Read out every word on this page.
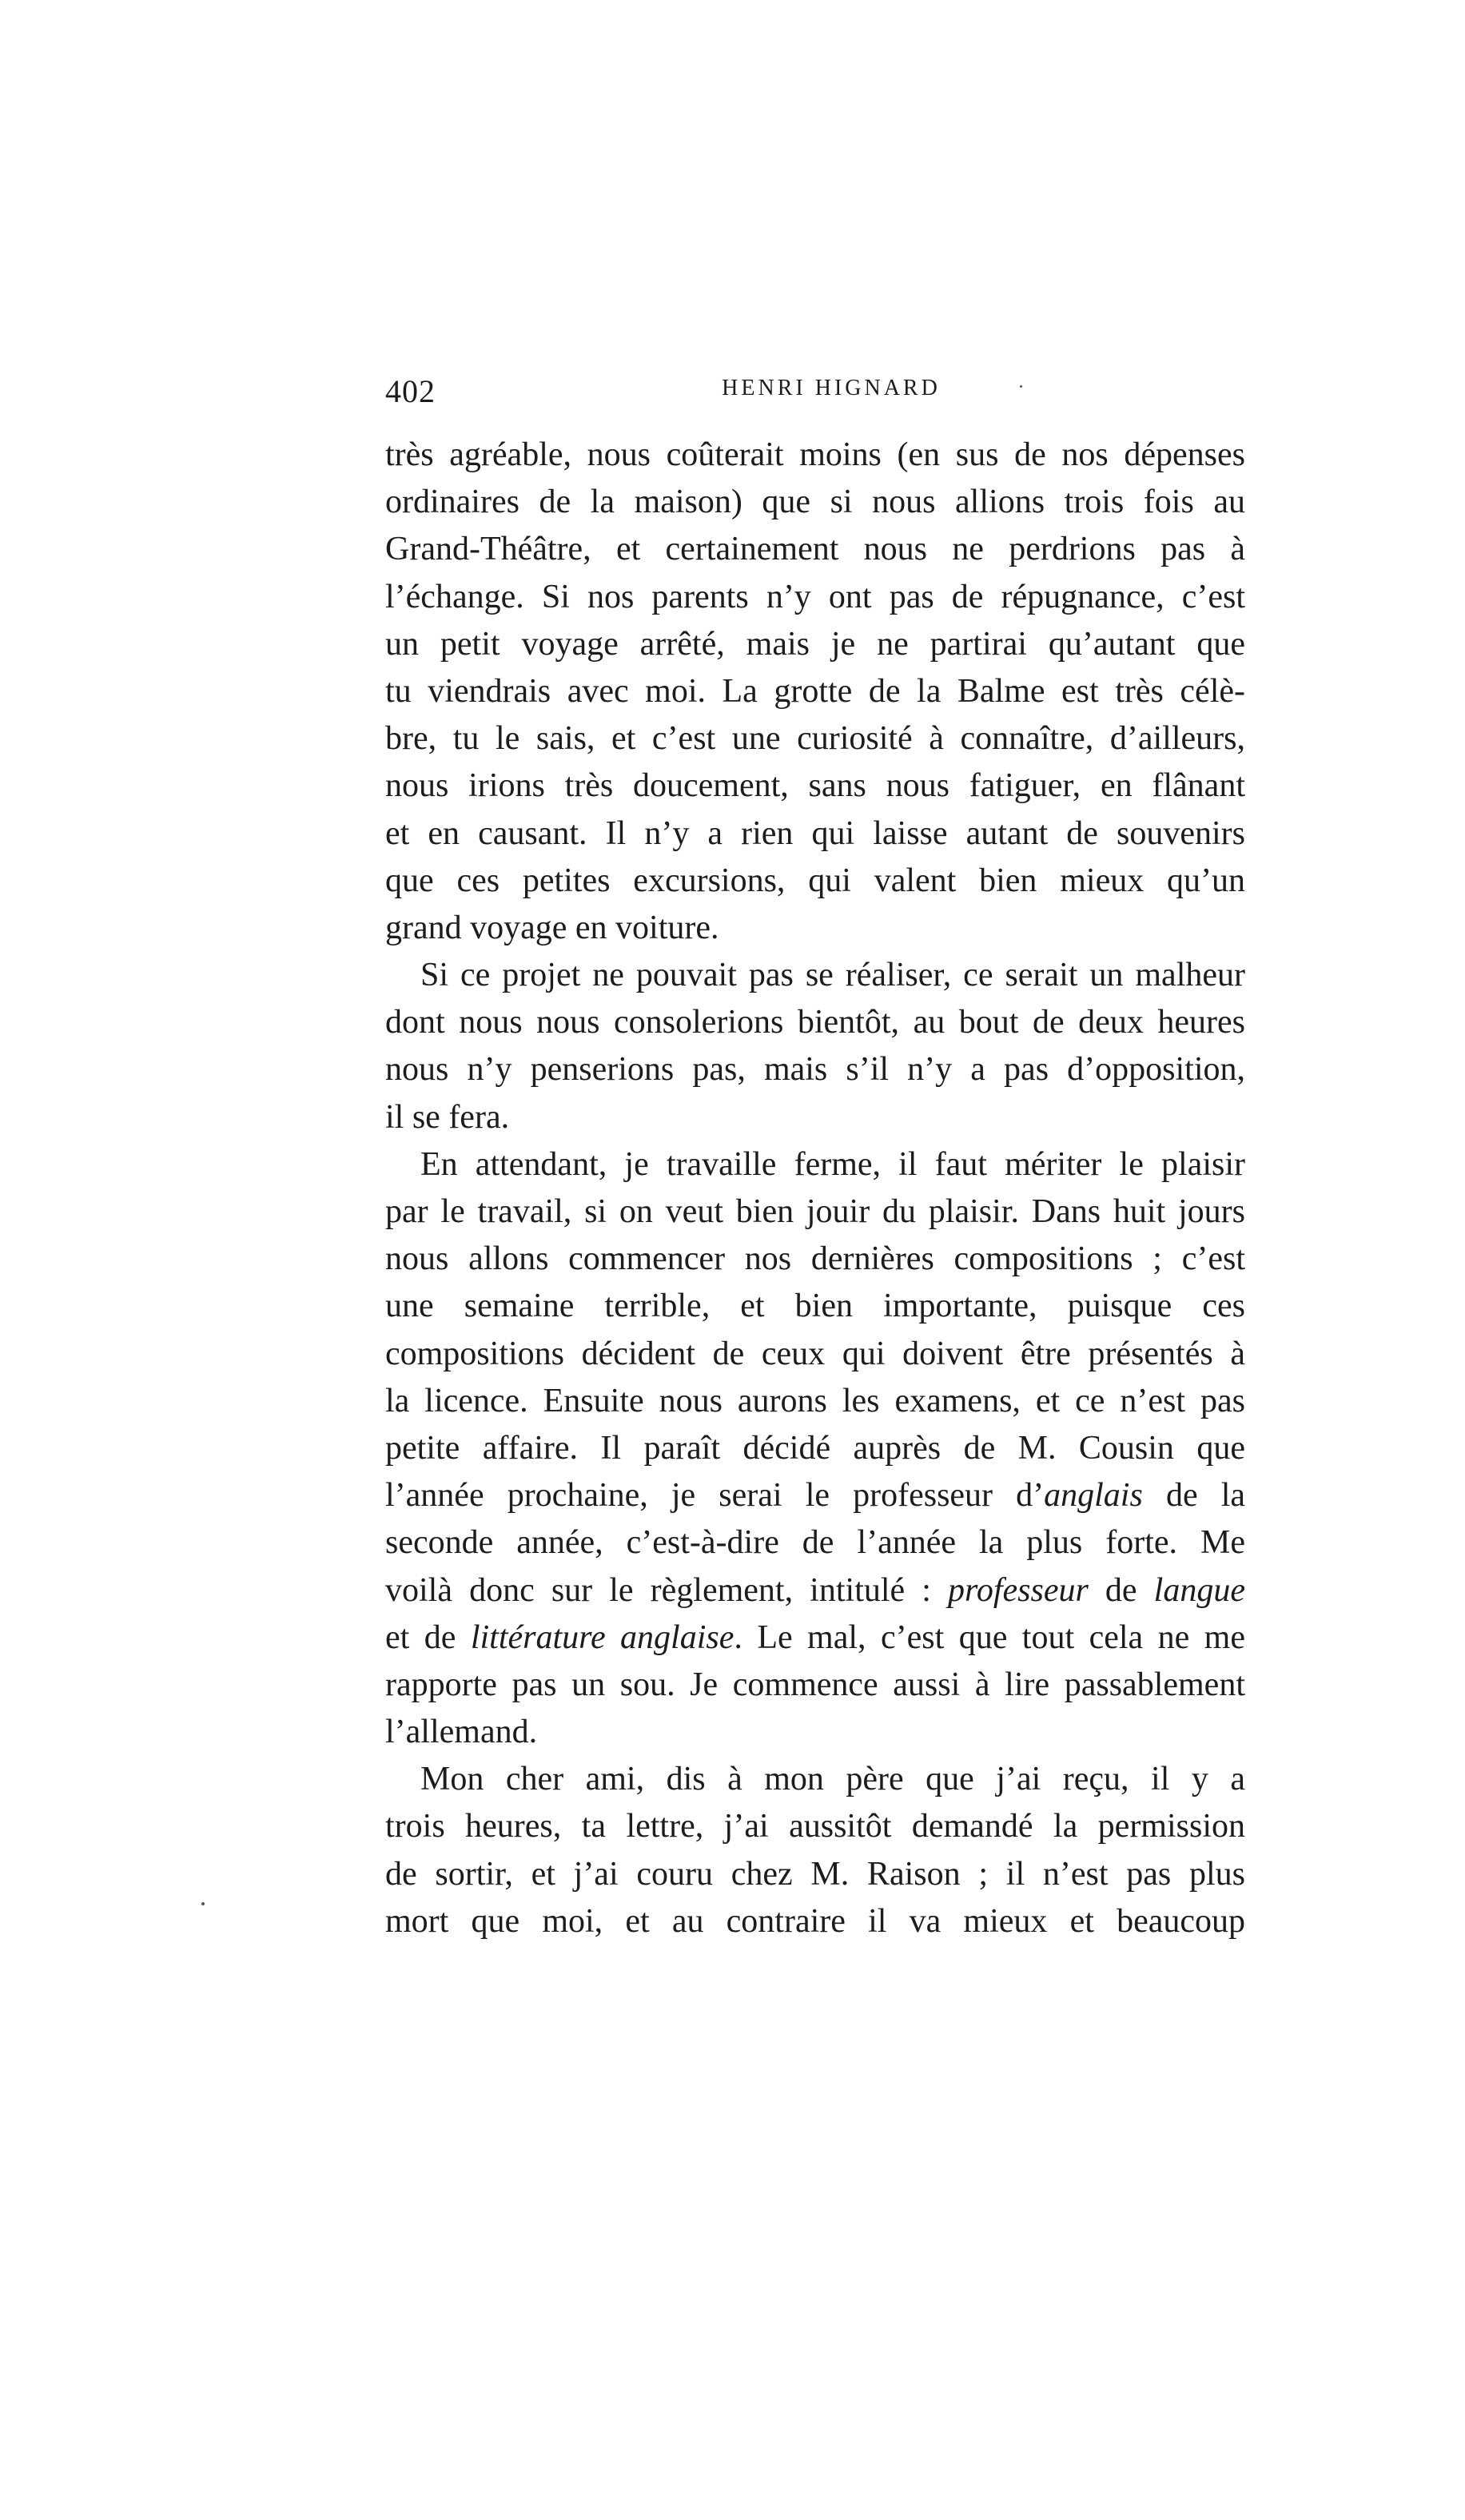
402	HENRI HIGNARD
très agréable, nous coûterait moins (en sus de nos dépenses
ordinaires de la maison) que si nous allions trois fois au
Grand-Théâtre, et certainement nous ne perdrions pas à
l’échange. Si nos parents n’y ont pas de répugnance, c’est
un petit voyage arrêté, mais je ne partirai qu’autant que
tu viendrais avec moi. La grotte de la Balme est très célè-
bre, tu le sais, et c’est une curiosité à connaître, d’ailleurs,
nous irions très doucement, sans nous fatiguer, en flânant
et en causant. Il n’y a rien qui laisse autant de souvenirs
que ces petites excursions, qui valent bien mieux qu’un
grand voyage en voiture.
Si ce projet ne pouvait pas se réaliser, ce serait un malheur
dont nous nous consolerions bientôt, au bout de deux heures
nous n’y penserions pas, mais s’il n’y a pas d’opposition,
il se fera.
En attendant, je travaille ferme, il faut mériter le plaisir
par le travail, si on veut bien jouir du plaisir. Dans huit jours
nous allons commencer nos dernières compositions ; c’est
une semaine terrible, et bien importante, puisque ces
compositions décident de ceux qui doivent être présentés à
la licence. Ensuite nous aurons les examens, et ce n’est pas
petite affaire. Il paraît décidé auprès de M. Cousin que
l’année prochaine, je serai le professeur d’anglais de la
seconde année, c’est-à-dire de l’année la plus forte. Me
voilà donc sur le règlement, intitulé : professeur de langue
et de littérature anglaise. Le mal, c’est que tout cela ne me
rapporte pas un sou. Je commence aussi à lire passablement
l’allemand.
Mon cher ami, dis à mon père que j’ai reçu, il y a
trois heures, ta lettre, j’ai aussitôt demandé la permission
de sortir, et j’ai couru chez M. Raison ; il n’est pas plus
mort que moi, et au contraire il va mieux et beaucoup
